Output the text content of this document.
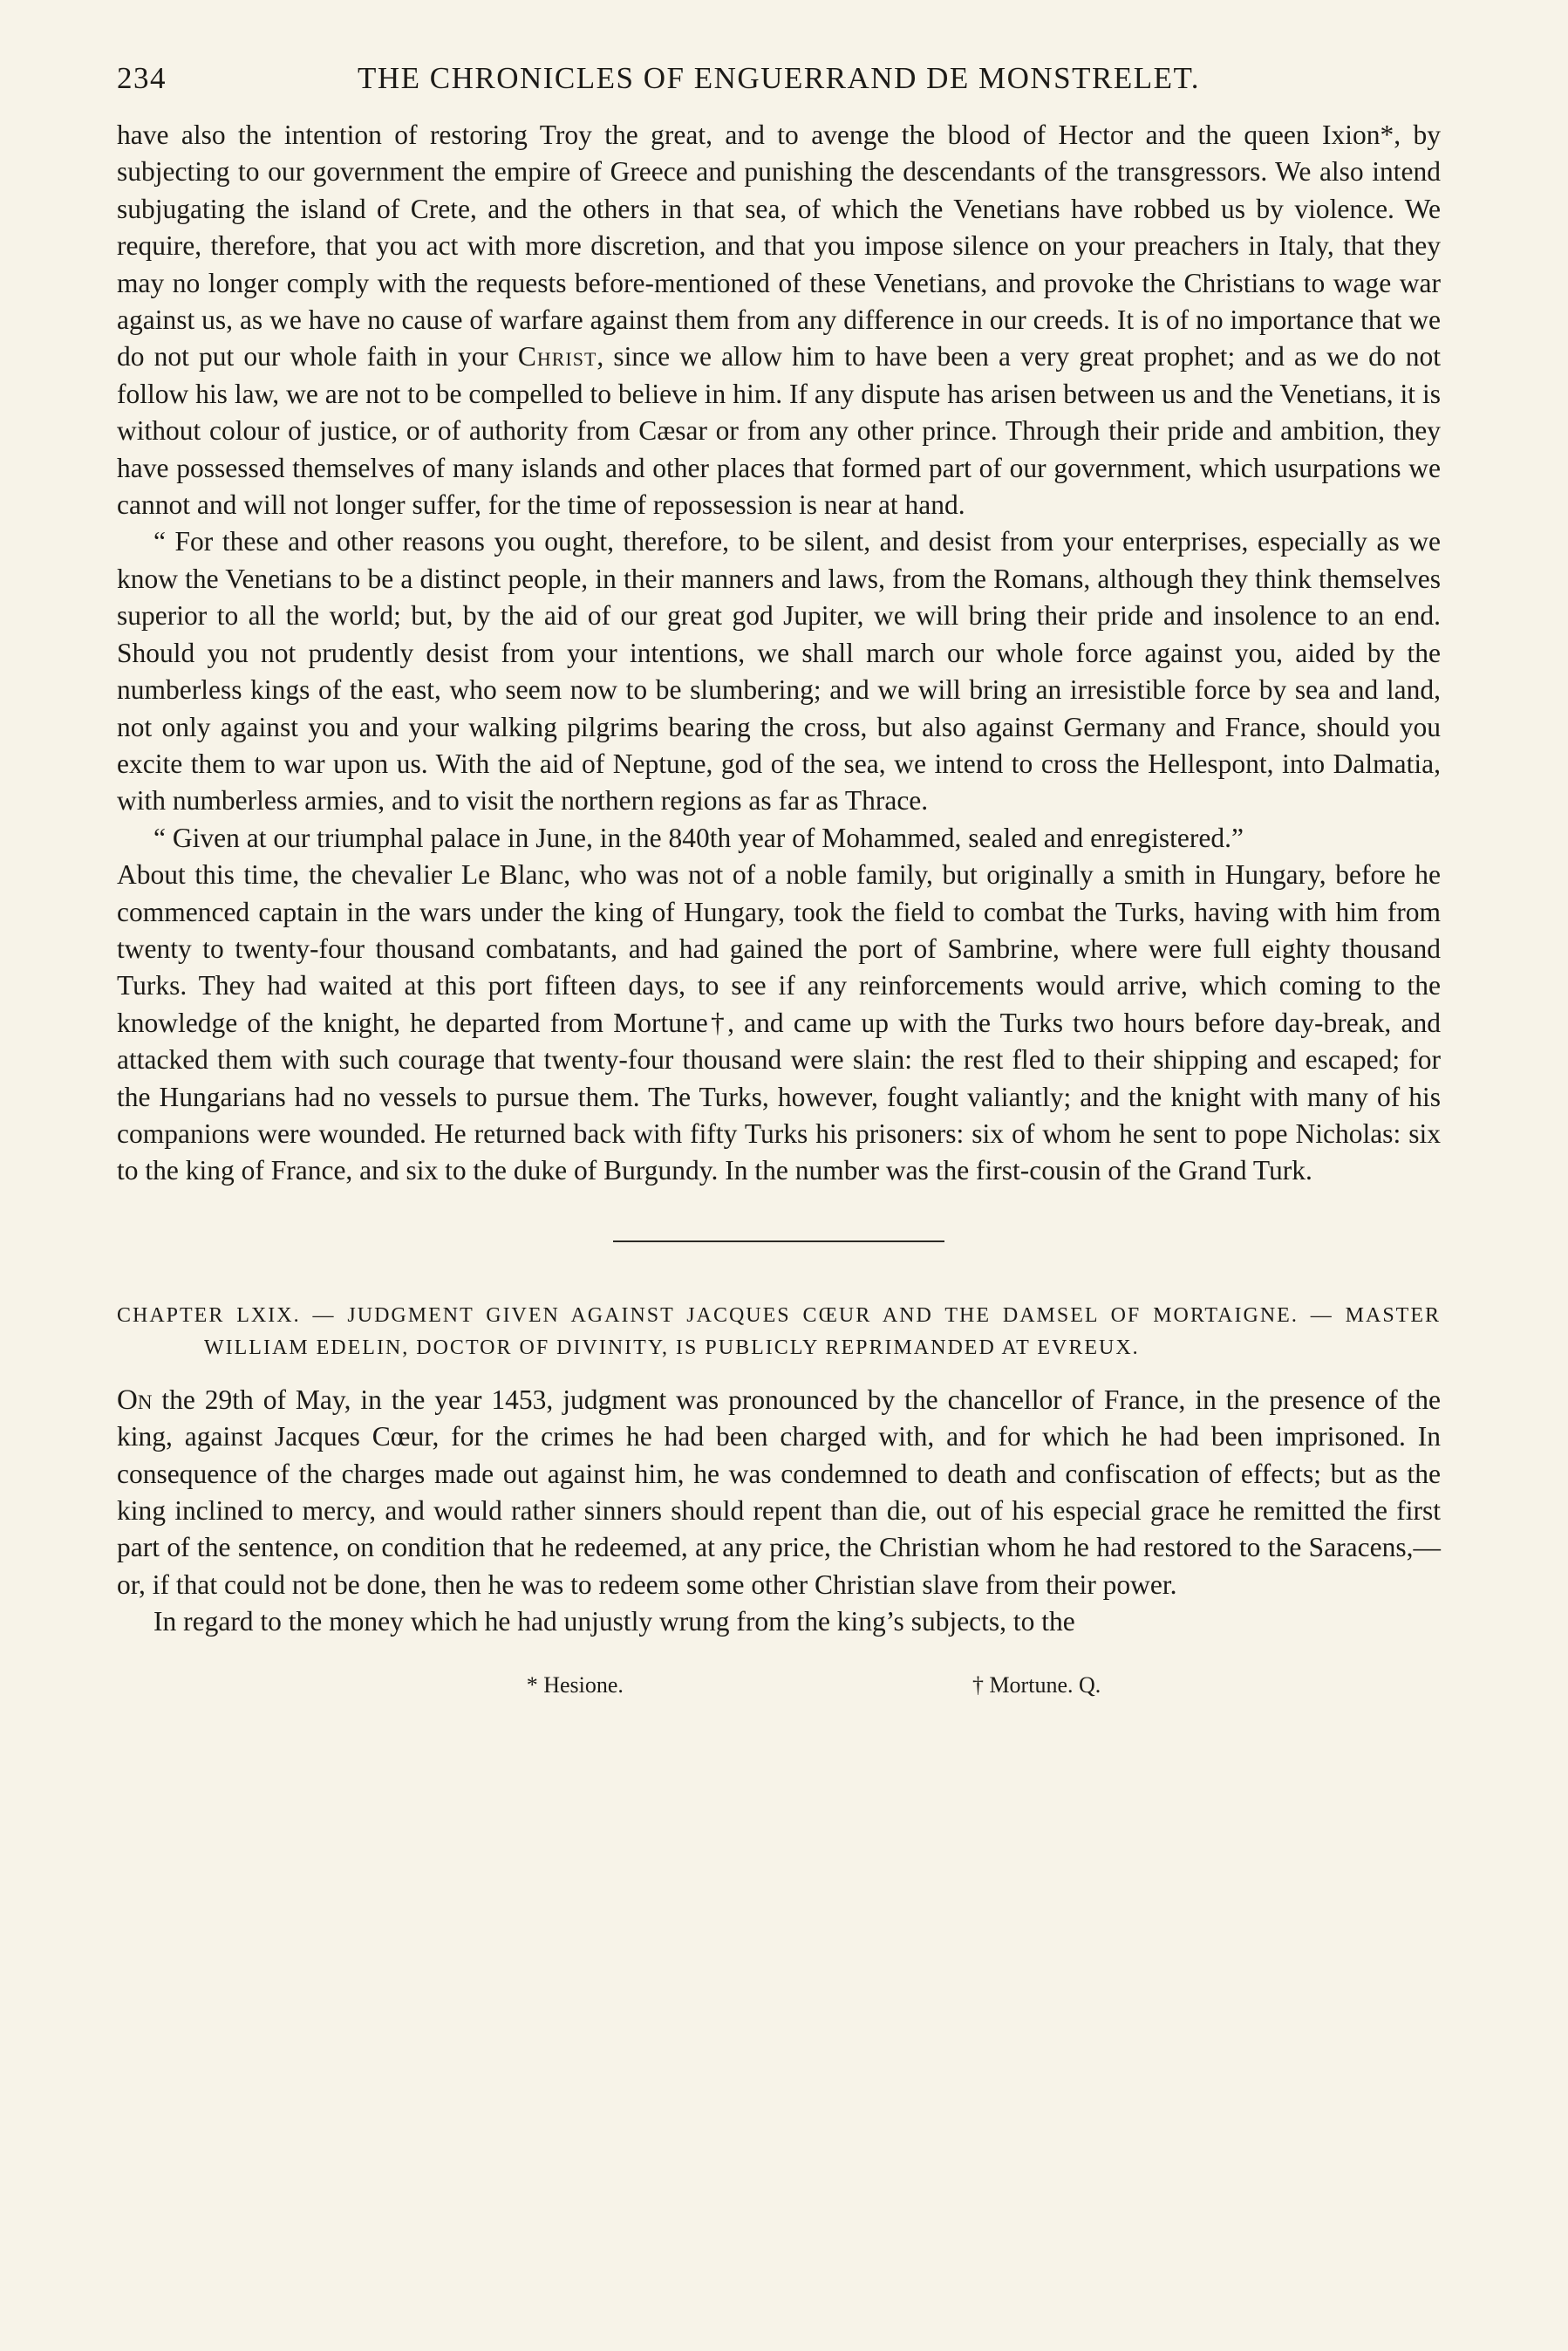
234	THE CHRONICLES OF ENGUERRAND DE MONSTRELET.

have also the intention of restoring Troy the great, and to avenge the blood of Hector and the queen Ixion*, by subjecting to our government the empire of Greece and punishing the descendants of the transgressors. We also intend subjugating the island of Crete, and the others in that sea, of which the Venetians have robbed us by violence. We require, therefore, that you act with more discretion, and that you impose silence on your preachers in Italy, that they may no longer comply with the requests before-mentioned of these Venetians, and provoke the Christians to wage war against us, as we have no cause of warfare against them from any difference in our creeds. It is of no importance that we do not put our whole faith in your Christ, since we allow him to have been a very great prophet; and as we do not follow his law, we are not to be compelled to believe in him. If any dispute has arisen between us and the Venetians, it is without colour of justice, or of authority from Cæsar or from any other prince. Through their pride and ambition, they have possessed themselves of many islands and other places that formed part of our government, which usurpations we cannot and will not longer suffer, for the time of repossession is near at hand.

“ For these and other reasons you ought, therefore, to be silent, and desist from your enterprises, especially as we know the Venetians to be a distinct people, in their manners and laws, from the Romans, although they think themselves superior to all the world; but, by the aid of our great god Jupiter, we will bring their pride and insolence to an end. Should you not prudently desist from your intentions, we shall march our whole force against you, aided by the numberless kings of the east, who seem now to be slumbering; and we will bring an irresistible force by sea and land, not only against you and your walking pilgrims bearing the cross, but also against Germany and France, should you excite them to war upon us. With the aid of Neptune, god of the sea, we intend to cross the Hellespont, into Dalmatia, with numberless armies, and to visit the northern regions as far as Thrace.

“ Given at our triumphal palace in June, in the 840th year of Mohammed, sealed and enregistered.”

About this time, the chevalier Le Blanc, who was not of a noble family, but originally a smith in Hungary, before he commenced captain in the wars under the king of Hungary, took the field to combat the Turks, having with him from twenty to twenty-four thousand combatants, and had gained the port of Sambrine, where were full eighty thousand Turks. They had waited at this port fifteen days, to see if any reinforcements would arrive, which coming to the knowledge of the knight, he departed from Mortune†, and came up with the Turks two hours before day-break, and attacked them with such courage that twenty-four thousand were slain: the rest fled to their shipping and escaped; for the Hungarians had no vessels to pursue them. The Turks, however, fought valiantly; and the knight with many of his companions were wounded. He returned back with fifty Turks his prisoners: six of whom he sent to pope Nicholas: six to the king of France, and six to the duke of Burgundy. In the number was the first-cousin of the Grand Turk.

CHAPTER LXIX. — JUDGMENT GIVEN AGAINST JACQUES CŒUR AND THE DAMSEL OF MORTAIGNE. — MASTER WILLIAM EDELIN, DOCTOR OF DIVINITY, IS PUBLICLY REPRIMANDED AT EVREUX.

On the 29th of May, in the year 1453, judgment was pronounced by the chancellor of France, in the presence of the king, against Jacques Cœur, for the crimes he had been charged with, and for which he had been imprisoned. In consequence of the charges made out against him, he was condemned to death and confiscation of effects; but as the king inclined to mercy, and would rather sinners should repent than die, out of his especial grace he remitted the first part of the sentence, on condition that he redeemed, at any price, the Christian whom he had restored to the Saracens,—or, if that could not be done, then he was to redeem some other Christian slave from their power.

In regard to the money which he had unjustly wrung from the king’s subjects, to the

* Hesione.	† Mortune. Q.
